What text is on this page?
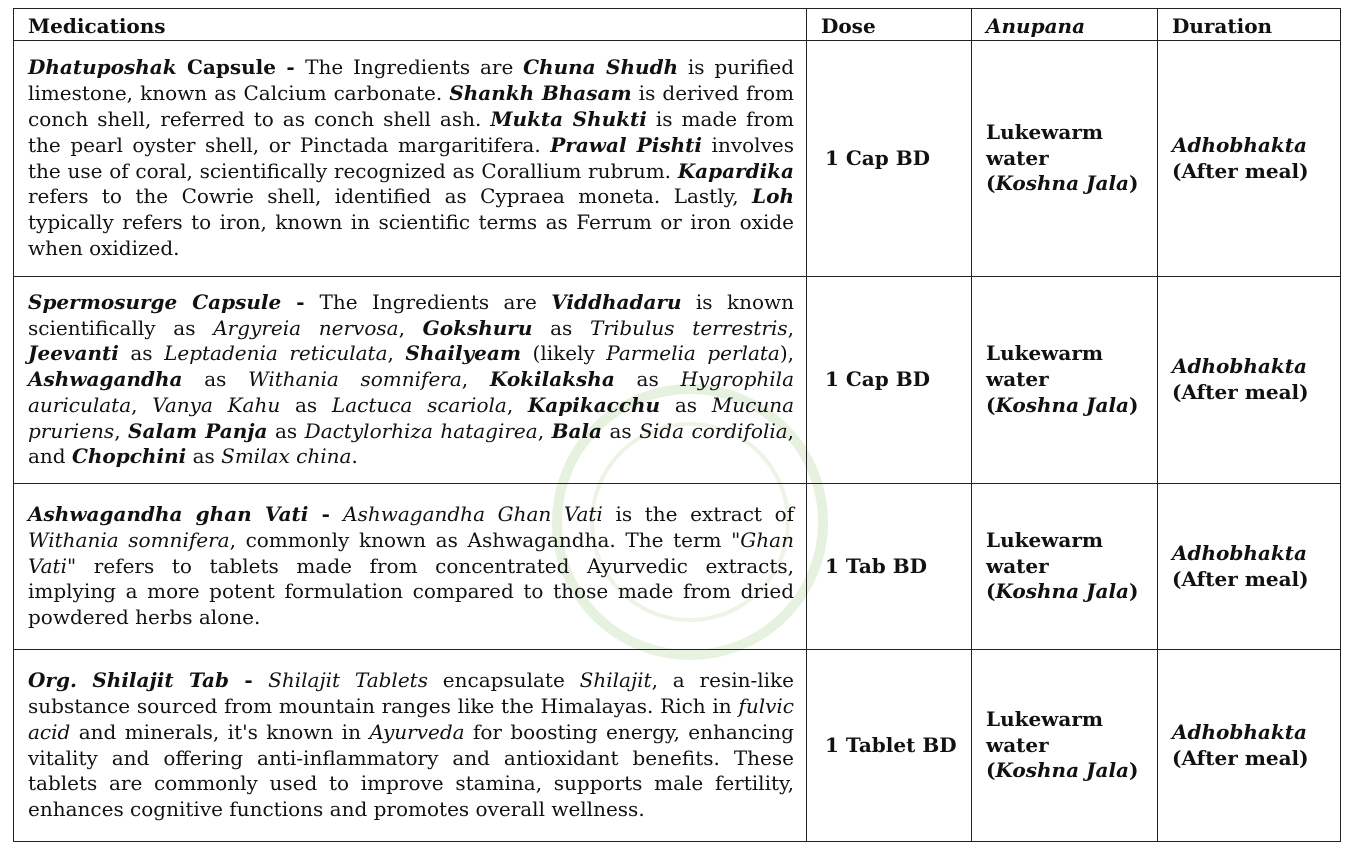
Medications	Dose	Anupana	Duration
Dhatuposhak Capsule - The Ingredients are Chuna Shudh is purified limestone, known as Calcium carbonate. Shankh Bhasam is derived from conch shell, referred to as conch shell ash. Mukta Shukti is made from the pearl oyster shell, or Pinctada margaritifera. Prawal Pishti involves the use of coral, scientifically recognized as Corallium rubrum. Kapardika refers to the Cowrie shell, identified as Cypraea moneta. Lastly, Loh typically refers to iron, known in scientific terms as Ferrum or iron oxide when oxidized.	1 Cap BD	Lukewarm water (Koshna Jala)	Adhobhakta
(After meal)
Spermosurge Capsule - The Ingredients are Viddhadaru is known scientifically as Argyreia nervosa, Gokshuru as Tribulus terrestris, Jeevanti as Leptadenia reticulata, Shailyeam (likely Parmelia perlata), Ashwagandha as Withania somnifera, Kokilaksha as Hygrophila auriculata, Vanya Kahu as Lactuca scariola, Kapikacchu as Mucuna pruriens, Salam Panja as Dactylorhiza hatagirea, Bala as Sida cordifolia, and Chopchini as Smilax china.	1 Cap BD	Lukewarm water (Koshna Jala)	Adhobhakta
(After meal)
Ashwagandha ghan Vati - Ashwagandha Ghan Vati is the extract of Withania somnifera, commonly known as Ashwagandha. The term "Ghan Vati" refers to tablets made from concentrated Ayurvedic extracts, implying a more potent formulation compared to those made from dried powdered herbs alone.	1 Tab BD	Lukewarm water (Koshna Jala)	Adhobhakta
(After meal)
Org. Shilajit Tab - Shilajit Tablets encapsulate Shilajit, a resin-like substance sourced from mountain ranges like the Himalayas. Rich in fulvic acid and minerals, it's known in Ayurveda for boosting energy, enhancing vitality and offering anti-inflammatory and antioxidant benefits. These tablets are commonly used to improve stamina, supports male fertility, enhances cognitive functions and promotes overall wellness.	1 Tablet BD	Lukewarm water (Koshna Jala)	Adhobhakta
(After meal)
